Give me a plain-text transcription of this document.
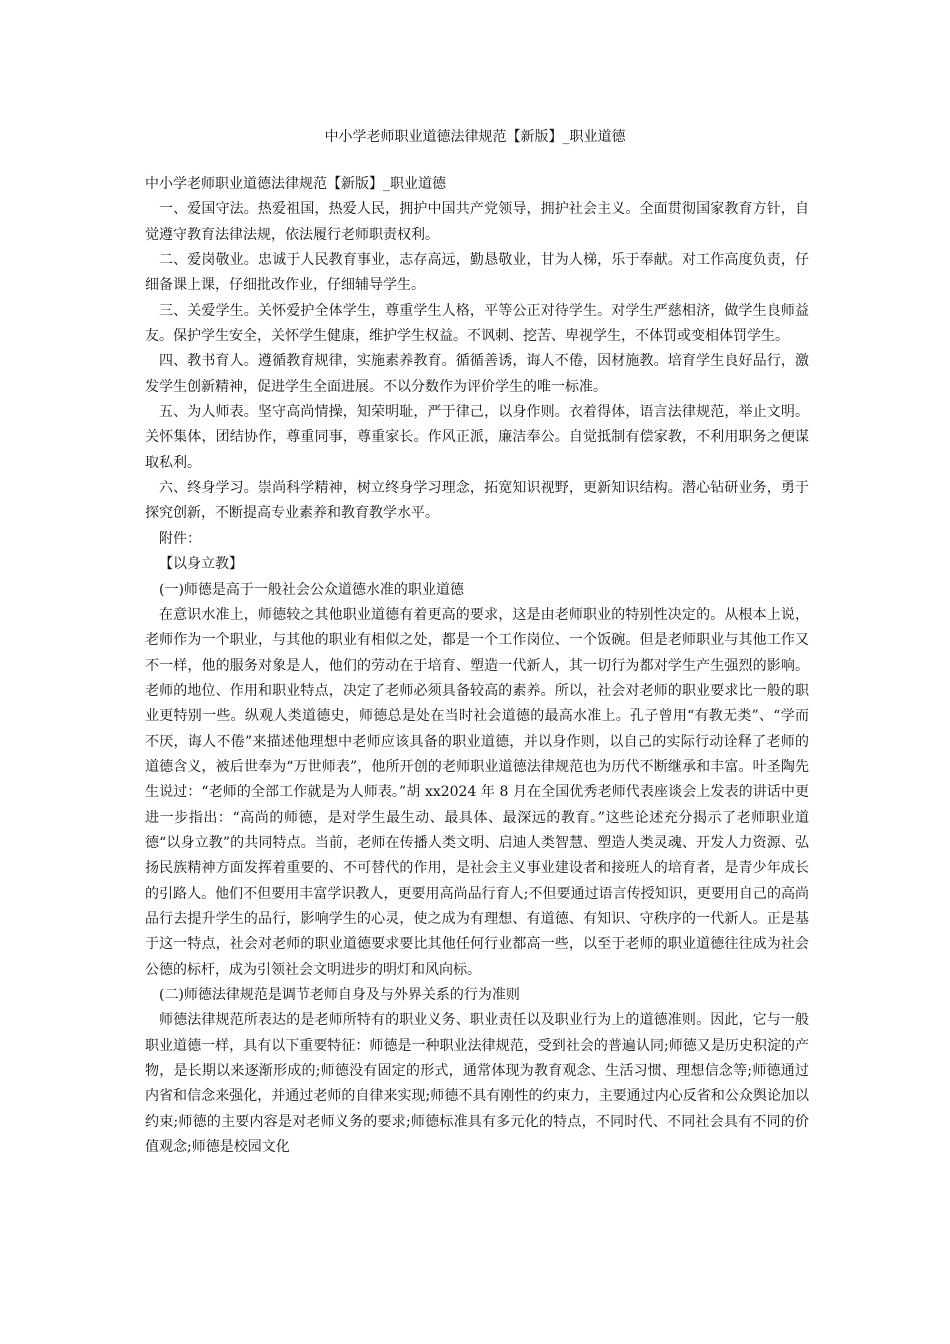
中小学老师职业道德法律规范【新版】_职业道德

中小学老师职业道德法律规范【新版】_职业道德

一、爱国守法。热爱祖国，热爱人民，拥护中国共产党领导，拥护社会主义。全面贯彻国家教育方针，自觉遵守教育法律法规，依法履行老师职责权利。

二、爱岗敬业。忠诚于人民教育事业，志存高远，勤恳敬业，甘为人梯，乐于奉献。对工作高度负责，仔细备课上课，仔细批改作业，仔细辅导学生。

三、关爱学生。关怀爱护全体学生，尊重学生人格，平等公正对待学生。对学生严慈相济，做学生良师益友。保护学生安全，关怀学生健康，维护学生权益。不讽刺、挖苦、卑视学生，不体罚或变相体罚学生。

四、教书育人。遵循教育规律，实施素养教育。循循善诱，诲人不倦，因材施教。培育学生良好品行，激发学生创新精神，促进学生全面进展。不以分数作为评价学生的唯一标准。

五、为人师表。坚守高尚情操，知荣明耻，严于律己，以身作则。衣着得体，语言法律规范，举止文明。关怀集体，团结协作，尊重同事，尊重家长。作风正派，廉洁奉公。自觉抵制有偿家教，不利用职务之便谋取私利。

六、终身学习。崇尚科学精神，树立终身学习理念，拓宽知识视野，更新知识结构。潜心钻研业务，勇于探究创新，不断提高专业素养和教育教学水平。

附件：

【以身立教】

(一)师德是高于一般社会公众道德水准的职业道德

在意识水准上，师德较之其他职业道德有着更高的要求，这是由老师职业的特别性决定的。从根本上说，老师作为一个职业，与其他的职业有相似之处，都是一个工作岗位、一个饭碗。但是老师职业与其他工作又不一样，他的服务对象是人，他们的劳动在于培育、塑造一代新人，其一切行为都对学生产生强烈的影响。老师的地位、作用和职业特点，决定了老师必须具备较高的素养。所以，社会对老师的职业要求比一般的职业更特别一些。纵观人类道德史，师德总是处在当时社会道德的最高水准上。孔子曾用“有教无类”、“学而不厌，诲人不倦”来描述他理想中老师应该具备的职业道德，并以身作则，以自己的实际行动诠释了老师的道德含义，被后世奉为“万世师表”，他所开创的老师职业道德法律规范也为历代不断继承和丰富。叶圣陶先生说过：“老师的全部工作就是为人师表。”胡 xx2024 年 8 月在全国优秀老师代表座谈会上发表的讲话中更进一步指出：“高尚的师德，是对学生最生动、最具体、最深远的教育。”这些论述充分揭示了老师职业道德“以身立教”的共同特点。当前，老师在传播人类文明、启迪人类智慧、塑造人类灵魂、开发人力资源、弘扬民族精神方面发挥着重要的、不可替代的作用，是社会主义事业建设者和接班人的培育者，是青少年成长的引路人。他们不但要用丰富学识教人，更要用高尚品行育人;不但要通过语言传授知识，更要用自己的高尚品行去提升学生的品行，影响学生的心灵，使之成为有理想、有道德、有知识、守秩序的一代新人。正是基于这一特点，社会对老师的职业道德要求要比其他任何行业都高一些，以至于老师的职业道德往往成为社会公德的标杆，成为引领社会文明进步的明灯和风向标。

(二)师德法律规范是调节老师自身及与外界关系的行为准则

师德法律规范所表达的是老师所特有的职业义务、职业责任以及职业行为上的道德准则。因此，它与一般职业道德一样，具有以下重要特征：师德是一种职业法律规范，受到社会的普遍认同;师德又是历史积淀的产物，是长期以来逐渐形成的;师德没有固定的形式，通常体现为教育观念、生活习惯、理想信念等;师德通过内省和信念来强化，并通过老师的自律来实现;师德不具有刚性的约束力，主要通过内心反省和公众舆论加以约束;师德的主要内容是对老师义务的要求;师德标准具有多元化的特点，不同时代、不同社会具有不同的价值观念;师德是校园文化
